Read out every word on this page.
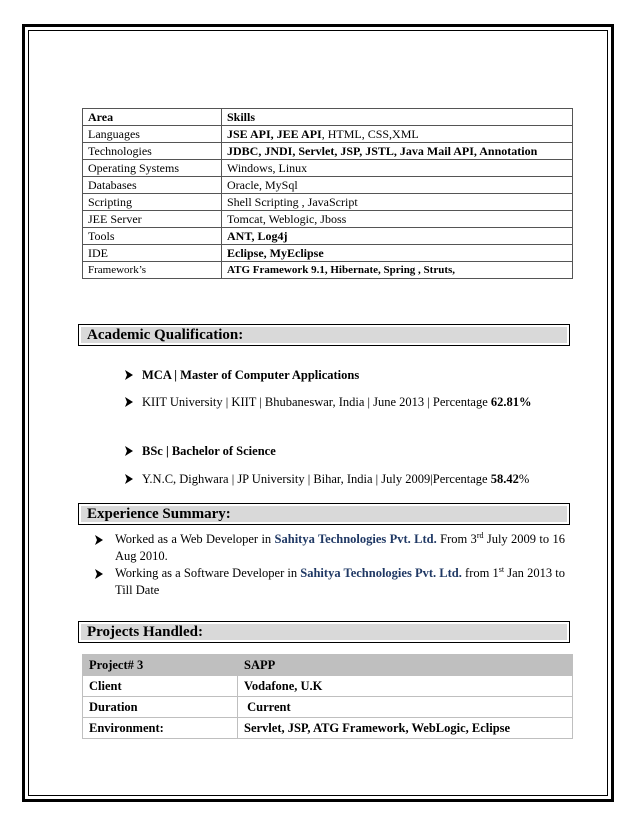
Area	Skills
Languages	JSE API, JEE API, HTML, CSS,XML
Technologies	JDBC, JNDI, Servlet, JSP, JSTL, Java Mail API, Annotation
Operating Systems	Windows, Linux
Databases	Oracle, MySql
Scripting	Shell Scripting , JavaScript
JEE Server	Tomcat, Weblogic, Jboss
Tools	ANT, Log4j
IDE	Eclipse, MyEclipse
Framework’s	ATG Framework 9.1, Hibernate, Spring , Struts,
Academic Qualification:
MCA | Master of Computer Applications
KIIT University | KIIT | Bhubaneswar, India | June 2013 | Percentage 62.81%
BSc | Bachelor of Science
Y.N.C, Dighwara | JP University | Bihar, India | July 2009|Percentage 58.42%
Experience Summary:
Worked as a Web Developer in Sahitya Technologies Pvt. Ltd. From 3rd July 2009 to 16 Aug 2010.
Working as a Software Developer in Sahitya Technologies Pvt. Ltd. from 1st Jan 2013 to Till Date
Projects Handled:
Project# 3	SAPP
Client	Vodafone, U.K
Duration	Current
Environment:	Servlet, JSP, ATG Framework, WebLogic, Eclipse
